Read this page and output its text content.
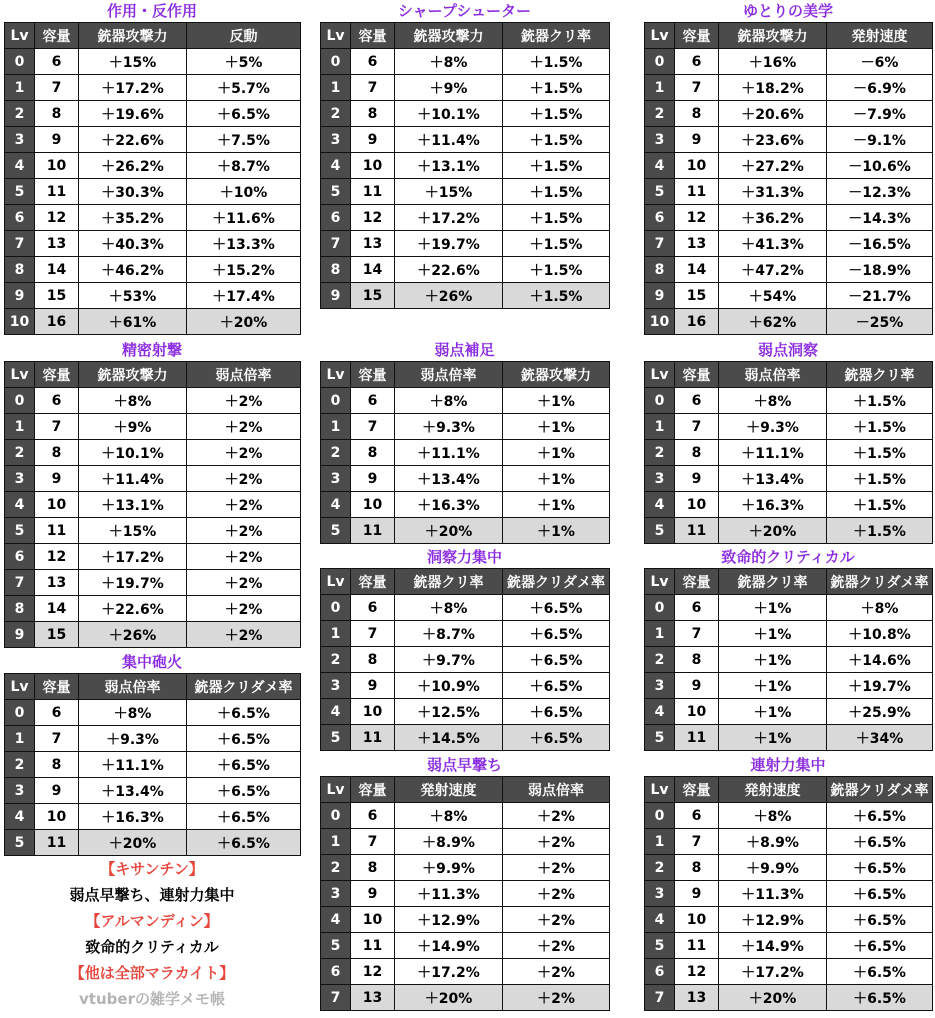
作用・反作用
Lv	容量	銃器攻撃力	反動
0	6	＋15%	＋5%
1	7	＋17.2%	＋5.7%
2	8	＋19.6%	＋6.5%
3	9	＋22.6%	＋7.5%
4	10	＋26.2%	＋8.7%
5	11	＋30.3%	＋10%
6	12	＋35.2%	＋11.6%
7	13	＋40.3%	＋13.3%
8	14	＋46.2%	＋15.2%
9	15	＋53%	＋17.4%
10	16	＋61%	＋20%
シャープシューター
Lv	容量	銃器攻撃力	銃器クリ率
0	6	＋8%	＋1.5%
1	7	＋9%	＋1.5%
2	8	＋10.1%	＋1.5%
3	9	＋11.4%	＋1.5%
4	10	＋13.1%	＋1.5%
5	11	＋15%	＋1.5%
6	12	＋17.2%	＋1.5%
7	13	＋19.7%	＋1.5%
8	14	＋22.6%	＋1.5%
9	15	＋26%	＋1.5%
ゆとりの美学
Lv	容量	銃器攻撃力	発射速度
0	6	＋16%	－6%
1	7	＋18.2%	－6.9%
2	8	＋20.6%	－7.9%
3	9	＋23.6%	－9.1%
4	10	＋27.2%	－10.6%
5	11	＋31.3%	－12.3%
6	12	＋36.2%	－14.3%
7	13	＋41.3%	－16.5%
8	14	＋47.2%	－18.9%
9	15	＋54%	－21.7%
10	16	＋62%	－25%
精密射撃
Lv	容量	銃器攻撃力	弱点倍率
0	6	＋8%	＋2%
1	7	＋9%	＋2%
2	8	＋10.1%	＋2%
3	9	＋11.4%	＋2%
4	10	＋13.1%	＋2%
5	11	＋15%	＋2%
6	12	＋17.2%	＋2%
7	13	＋19.7%	＋2%
8	14	＋22.6%	＋2%
9	15	＋26%	＋2%
弱点補足
Lv	容量	弱点倍率	銃器攻撃力
0	6	＋8%	＋1%
1	7	＋9.3%	＋1%
2	8	＋11.1%	＋1%
3	9	＋13.4%	＋1%
4	10	＋16.3%	＋1%
5	11	＋20%	＋1%
弱点洞察
Lv	容量	弱点倍率	銃器クリ率
0	6	＋8%	＋1.5%
1	7	＋9.3%	＋1.5%
2	8	＋11.1%	＋1.5%
3	9	＋13.4%	＋1.5%
4	10	＋16.3%	＋1.5%
5	11	＋20%	＋1.5%
洞察力集中
Lv	容量	銃器クリ率	銃器クリダメ率
0	6	＋8%	＋6.5%
1	7	＋8.7%	＋6.5%
2	8	＋9.7%	＋6.5%
3	9	＋10.9%	＋6.5%
4	10	＋12.5%	＋6.5%
5	11	＋14.5%	＋6.5%
致命的クリティカル
Lv	容量	銃器クリ率	銃器クリダメ率
0	6	＋1%	＋8%
1	7	＋1%	＋10.8%
2	8	＋1%	＋14.6%
3	9	＋1%	＋19.7%
4	10	＋1%	＋25.9%
5	11	＋1%	＋34%
集中砲火
Lv	容量	弱点倍率	銃器クリダメ率
0	6	＋8%	＋6.5%
1	7	＋9.3%	＋6.5%
2	8	＋11.1%	＋6.5%
3	9	＋13.4%	＋6.5%
4	10	＋16.3%	＋6.5%
5	11	＋20%	＋6.5%
弱点早撃ち
Lv	容量	発射速度	弱点倍率
0	6	＋8%	＋2%
1	7	＋8.9%	＋2%
2	8	＋9.9%	＋2%
3	9	＋11.3%	＋2%
4	10	＋12.9%	＋2%
5	11	＋14.9%	＋2%
6	12	＋17.2%	＋2%
7	13	＋20%	＋2%
連射力集中
Lv	容量	発射速度	銃器クリダメ率
0	6	＋8%	＋6.5%
1	7	＋8.9%	＋6.5%
2	8	＋9.9%	＋6.5%
3	9	＋11.3%	＋6.5%
4	10	＋12.9%	＋6.5%
5	11	＋14.9%	＋6.5%
6	12	＋17.2%	＋6.5%
7	13	＋20%	＋6.5%
【キサンチン】
弱点早撃ち、連射力集中
【アルマンディン】
致命的クリティカル
【他は全部マラカイト】
vtuberの雑学メモ帳
